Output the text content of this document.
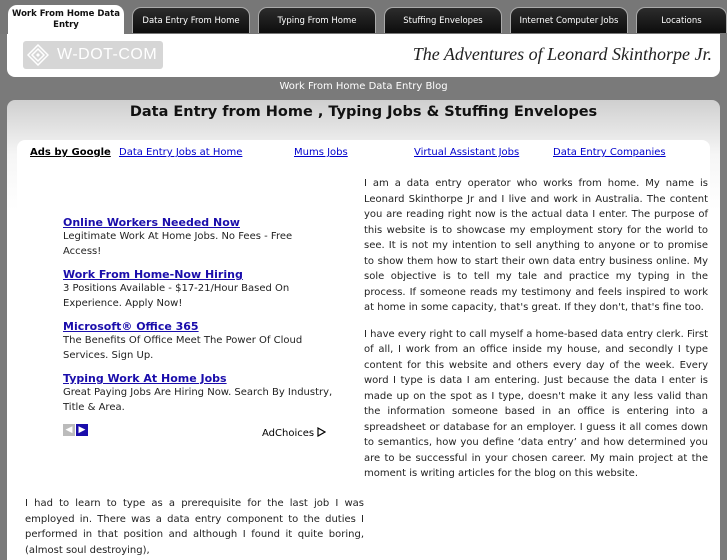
Work From Home Data Entry	Data Entry From Home	Typing From Home	Stuffing Envelopes	Internet Computer Jobs	Locations
W-DOT-COM	The Adventures of Leonard Skinthorpe Jr.
Work From Home Data Entry Blog
Data Entry from Home , Typing Jobs & Stuffing Envelopes
Ads by Google Data Entry Jobs at Home	Mums Jobs	Virtual Assistant Jobs	Data Entry Companies
Online Workers Needed Now
Legitimate Work At Home Jobs. No Fees - Free Access!
Work From Home-Now Hiring
3 Positions Available - $17-21/Hour Based On Experience. Apply Now!
Microsoft® Office 365
The Benefits Of Office Meet The Power Of Cloud Services. Sign Up.
Typing Work At Home Jobs
Great Paying Jobs Are Hiring Now. Search By Industry, Title & Area.
◀ ▶	AdChoices

I am a data entry operator who works from home. My name is Leonard Skinthorpe Jr and I live and work in Australia. The content you are reading right now is the actual data I enter. The purpose of this website is to showcase my employment story for the world to see. It is not my intention to sell anything to anyone or to promise to show them how to start their own data entry business online. My sole objective is to tell my tale and practice my typing in the process. If someone reads my testimony and feels inspired to work at home in some capacity, that's great. If they don't, that's fine too.

I have every right to call myself a home-based data entry clerk. First of all, I work from an office inside my house, and secondly I type content for this website and others every day of the week. Every word I type is data I am entering. Just because the data I enter is made up on the spot as I type, doesn't make it any less valid than the information someone based in an office is entering into a spreadsheet or database for an employer. I guess it all comes down to semantics, how you define ‘data entry’ and how determined you are to be successful in your chosen career. My main project at the moment is writing articles for the blog on this website.

I had to learn to type as a prerequisite for the last job I was employed in. There was a data entry component to the duties I performed in that position and although I found it quite boring, (almost soul destroying),
